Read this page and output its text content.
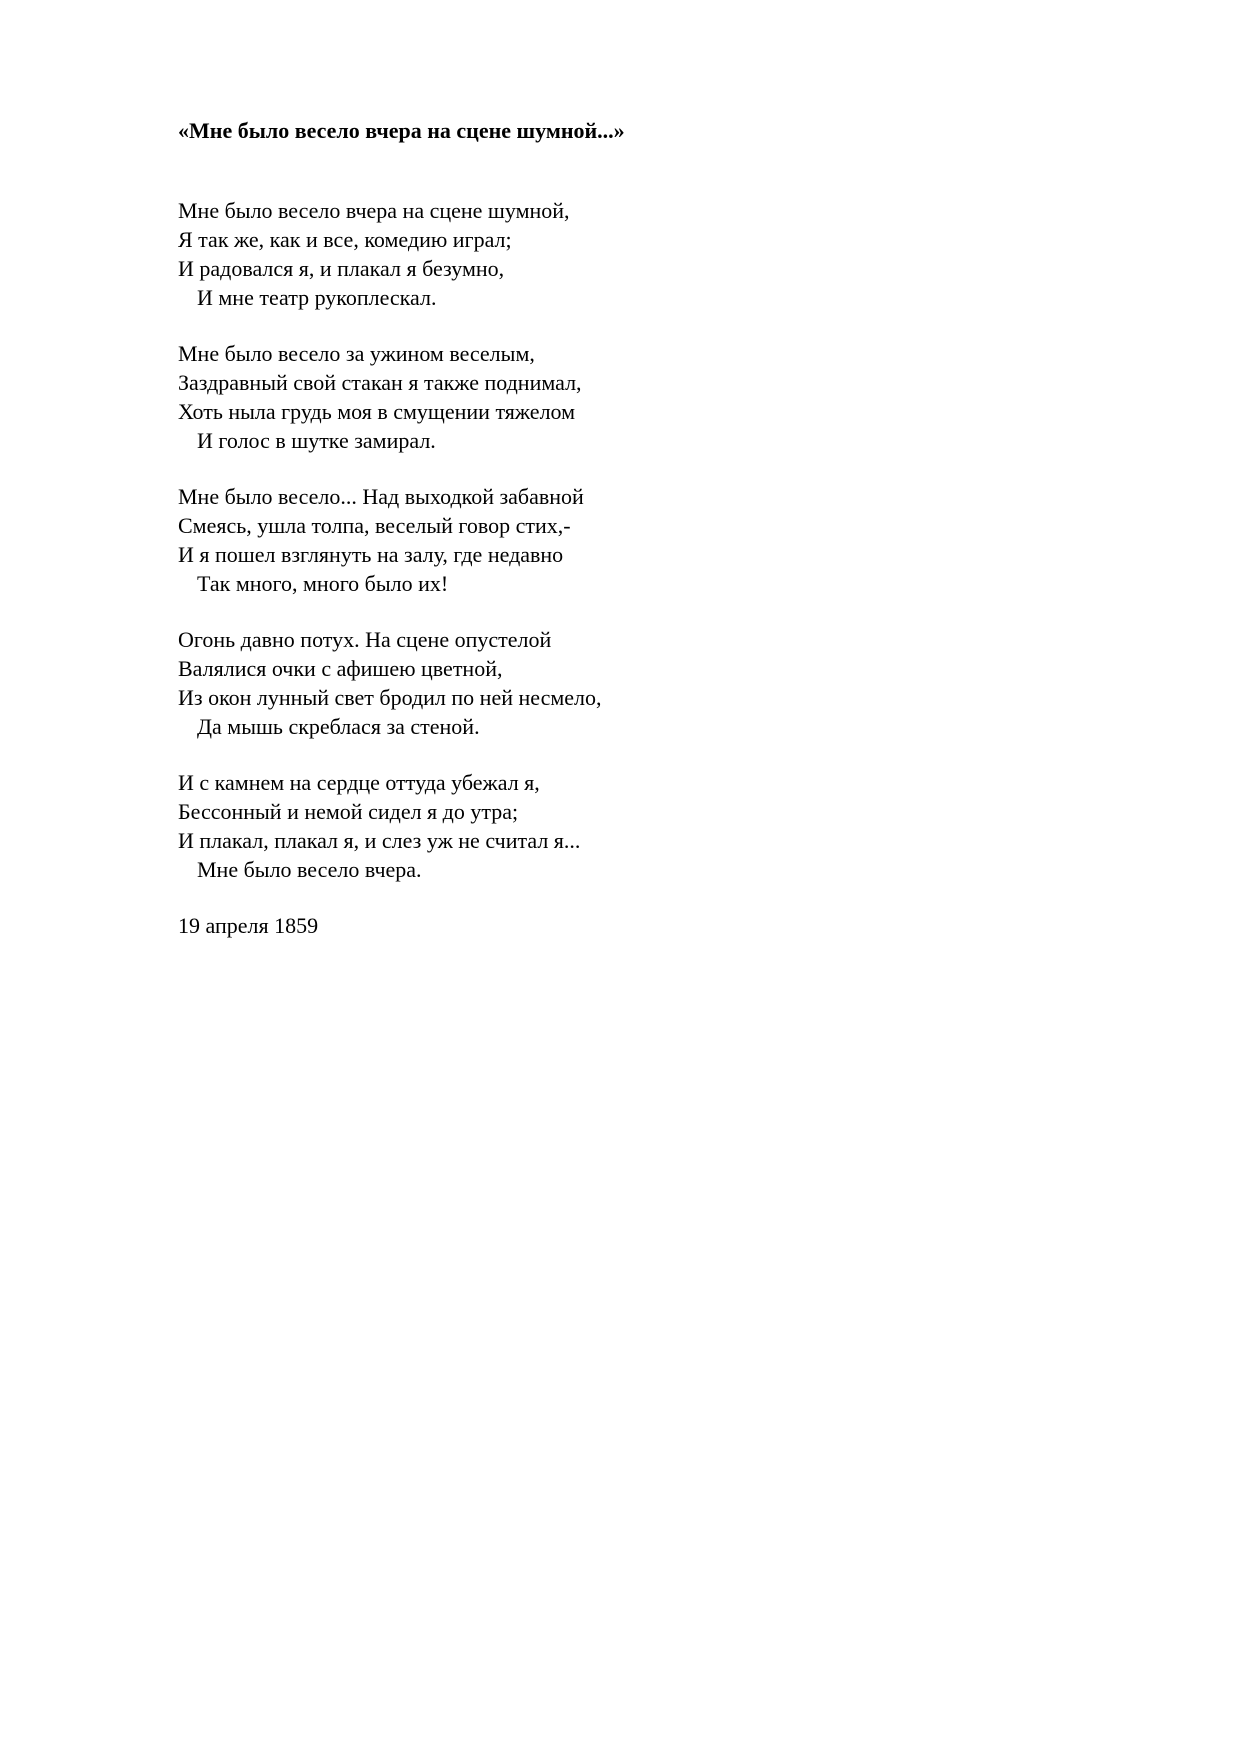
«Мне было весело вчера на сцене шумной...»

Мне было весело вчера на сцене шумной,

Я так же, как и все, комедию играл;

И радовался я, и плакал я безумно,

И мне театр рукоплескал.

Мне было весело за ужином веселым,

Заздравный свой стакан я также поднимал,

Хоть ныла грудь моя в смущении тяжелом

И голос в шутке замирал.

Мне было весело... Над выходкой забавной

Смеясь, ушла толпа, веселый говор стих,-

И я пошел взглянуть на залу, где недавно

Так много, много было их!

Огонь давно потух. На сцене опустелой

Валялися очки с афишею цветной,

Из окон лунный свет бродил по ней несмело,

Да мышь скреблася за стеной.

И с камнем на сердце оттуда убежал я,

Бессонный и немой сидел я до утра;

И плакал, плакал я, и слез уж не считал я...

Мне было весело вчера.

19 апреля 1859
